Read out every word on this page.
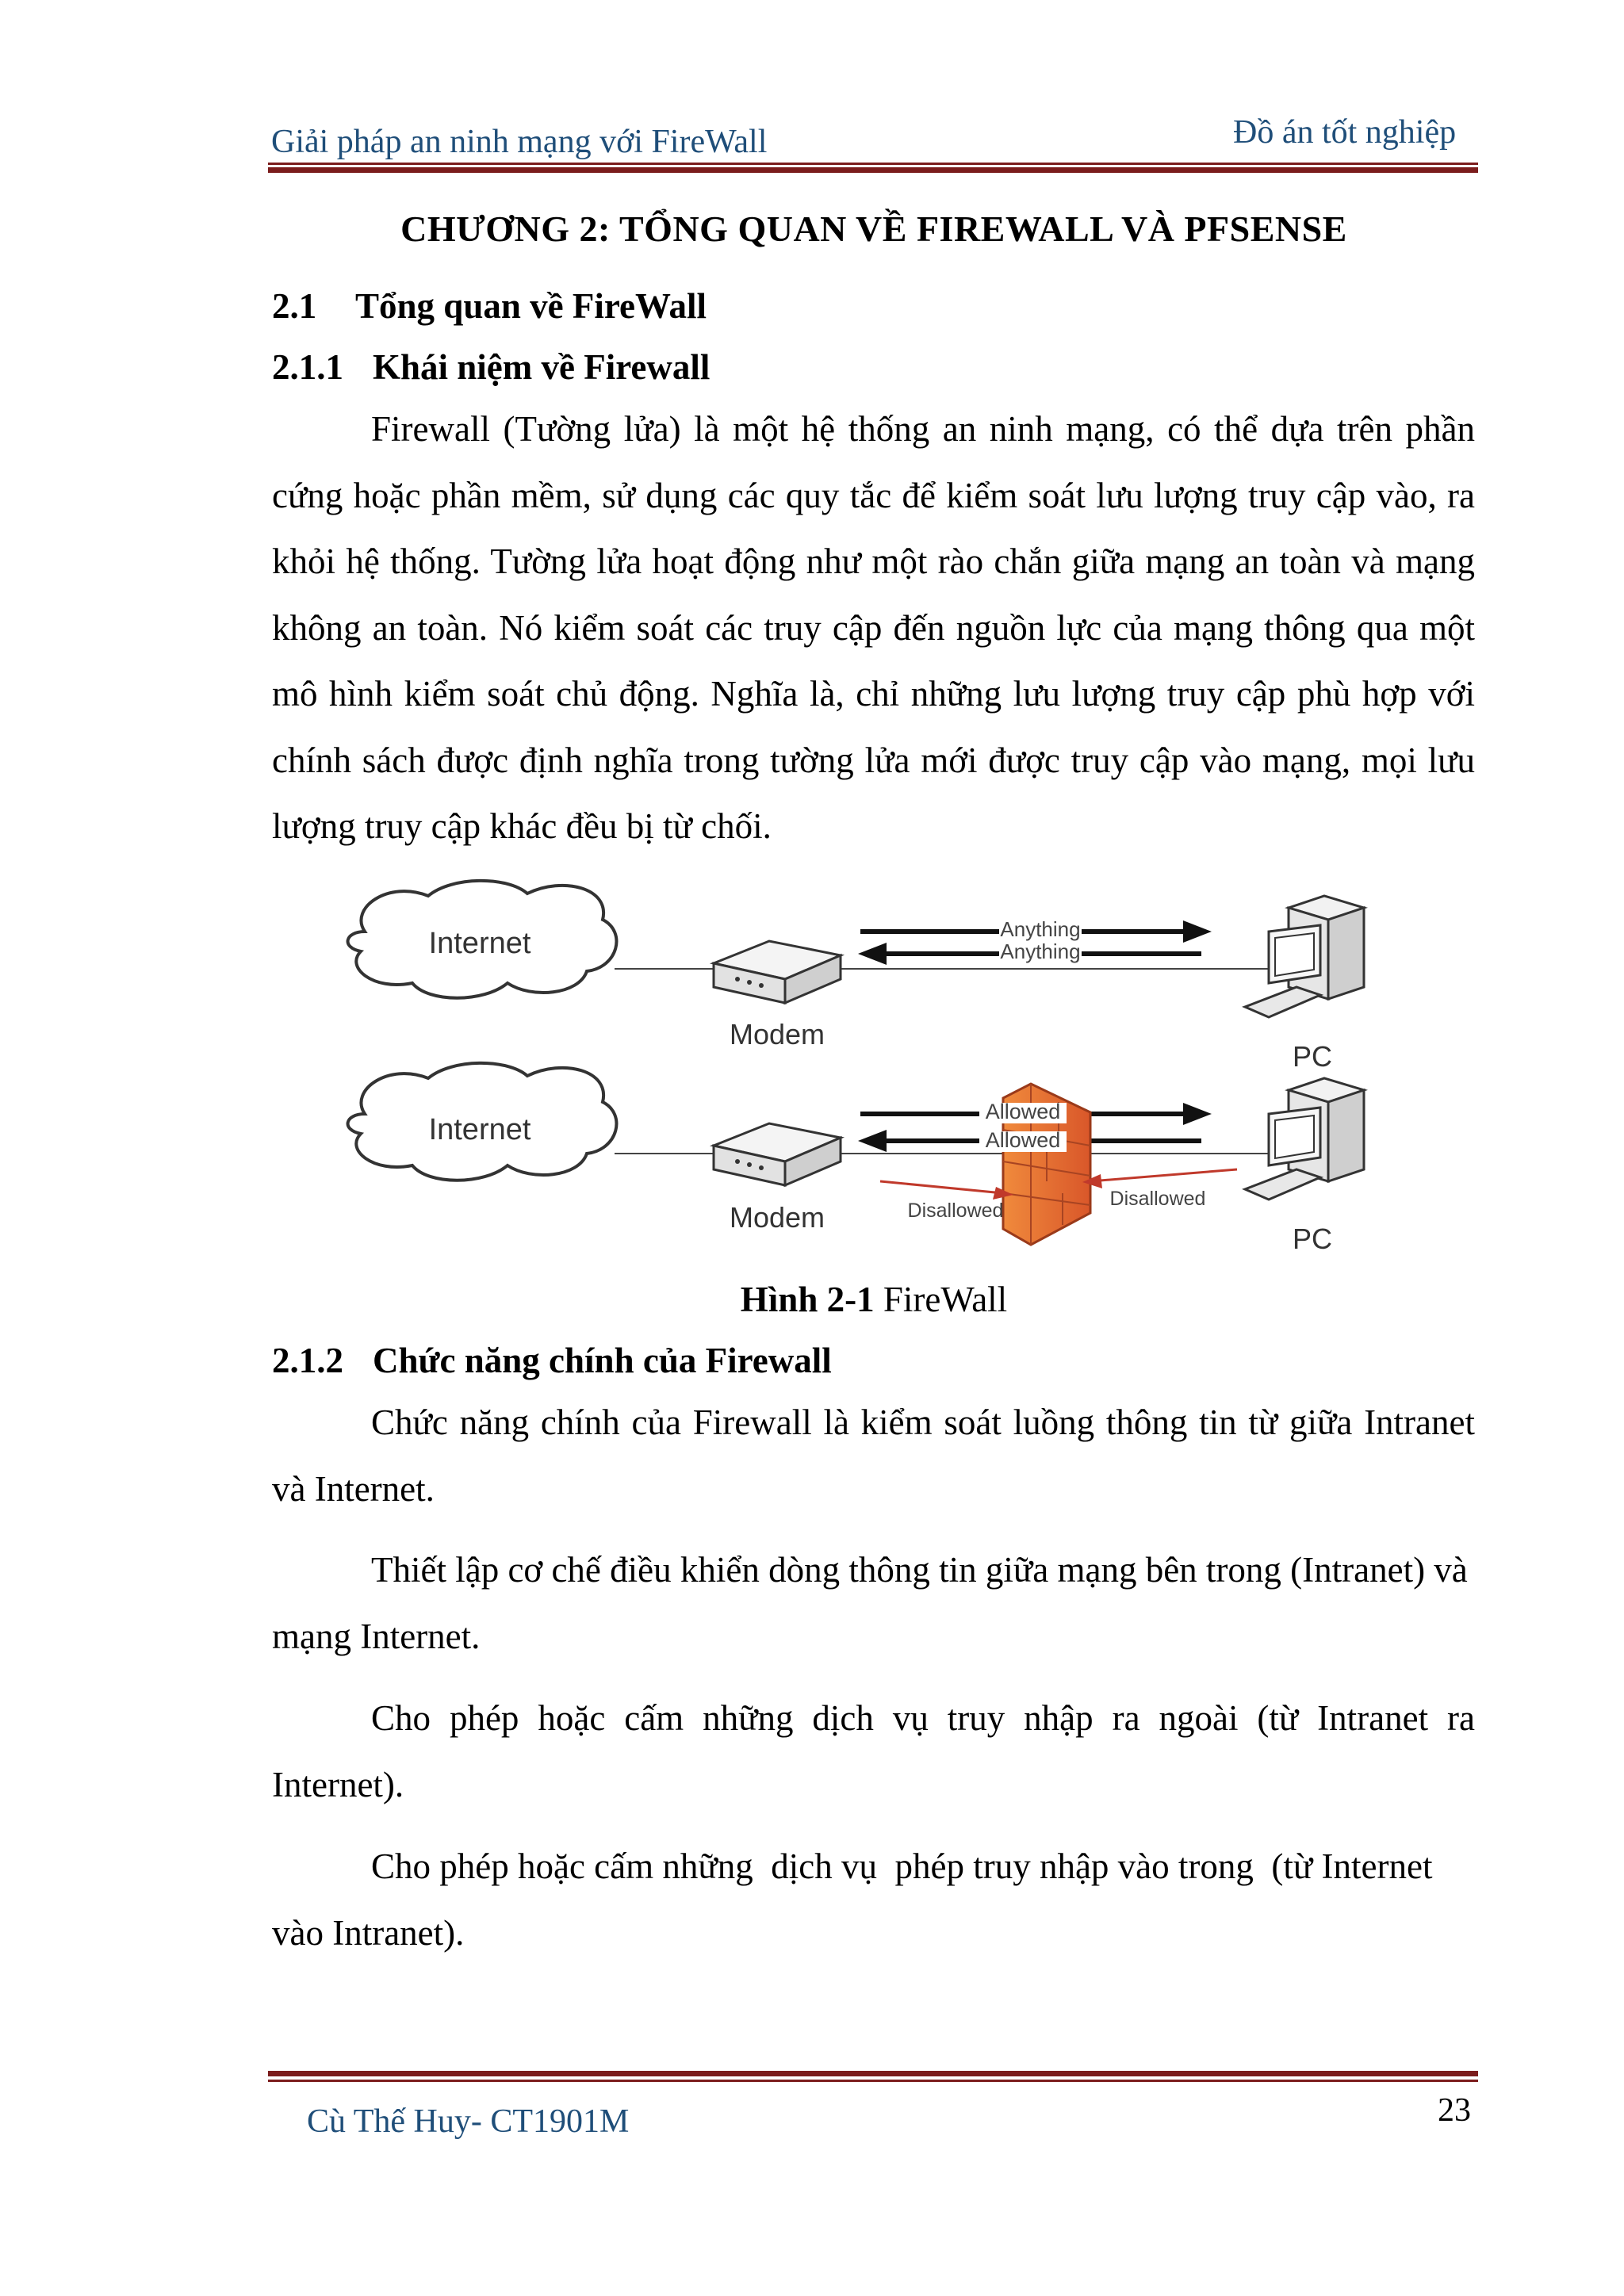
Giải pháp an ninh mạng với FireWall	Đồ án tốt nghiệp
CHƯƠNG 2: TỔNG QUAN VỀ FIREWALL VÀ PFSENSE
2.1 Tổng quan về FireWall
2.1.1 Khái niệm về Firewall

Firewall (Tường lửa) là một hệ thống an ninh mạng, có thể dựa trên phần cứng hoặc phần mềm, sử dụng các quy tắc để kiểm soát lưu lượng truy cập vào, ra khỏi hệ thống. Tường lửa hoạt động như một rào chắn giữa mạng an toàn và mạng không an toàn. Nó kiểm soát các truy cập đến nguồn lực của mạng thông qua một mô hình kiểm soát chủ động. Nghĩa là, chỉ những lưu lượng truy cập phù hợp với chính sách được định nghĩa trong tường lửa mới được truy cập vào mạng, mọi lưu lượng truy cập khác đều bị từ chối.

Internet
Modem
Anything
Anything
PC
Internet
Modem
Allowed
Allowed
Disallowed
Disallowed
PC
Hình 2-1 FireWall
2.1.2 Chức năng chính của Firewall

Chức năng chính của Firewall là kiểm soát luồng thông tin từ giữa Intranet và Internet.

Thiết lập cơ chế điều khiển dòng thông tin giữa mạng bên trong (Intranet) và mạng Internet.

Cho phép hoặc cấm những dịch vụ truy nhập ra ngoài (từ Intranet ra Internet).

Cho phép hoặc cấm những  dịch vụ  phép truy nhập vào trong  (từ Internet vào Intranet).

Cù Thế Huy- CT1901M	23
